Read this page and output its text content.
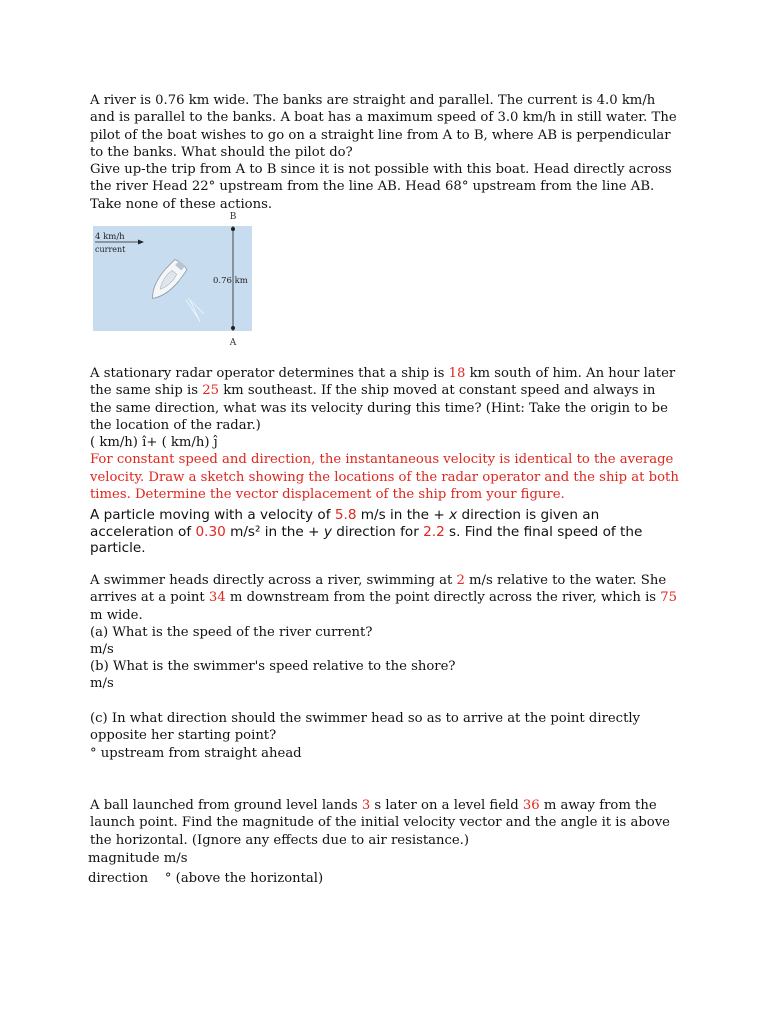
A river is 0.76 km wide. The banks are straight and parallel. The current is 4.0 km/h and is parallel to the banks. A boat has a maximum speed of 3.0 km/h in still water. The pilot of the boat wishes to go on a straight line from A to B, where AB is perpendicular to the banks. What should the pilot do?
Give up-the trip from A to B since it is not possible with this boat. Head directly across the river Head 22° upstream from the line AB. Head 68° upstream from the line AB. Take none of these actions.

B
A
4 km/h
current
0.76 km

A stationary radar operator determines that a ship is 18 km south of him. An hour later the same ship is 25 km southeast. If the ship moved at constant speed and always in the same direction, what was its velocity during this time? (Hint: Take the origin to be the location of the radar.)
( km/h) î+ ( km/h) ĵ
For constant speed and direction, the instantaneous velocity is identical to the average velocity. Draw a sketch showing the locations of the radar operator and the ship at both times. Determine the vector displacement of the ship from your figure.

A particle moving with a velocity of 5.8 m/s in the + x direction is given an acceleration of 0.30 m/s² in the + y direction for 2.2 s. Find the final speed of the particle.

A swimmer heads directly across a river, swimming at 2 m/s relative to the water. She arrives at a point 34 m downstream from the point directly across the river, which is 75 m wide.
(a) What is the speed of the river current?
m/s

(b) What is the swimmer's speed relative to the shore?
m/s

(c) In what direction should the swimmer head so as to arrive at the point directly opposite her starting point?
° upstream from straight ahead

A ball launched from ground level lands 3 s later on a level field 36 m away from the launch point. Find the magnitude of the initial velocity vector and the angle it is above the horizontal. (Ignore any effects due to air resistance.)

magnitude m/s

direction ° (above the horizontal)
